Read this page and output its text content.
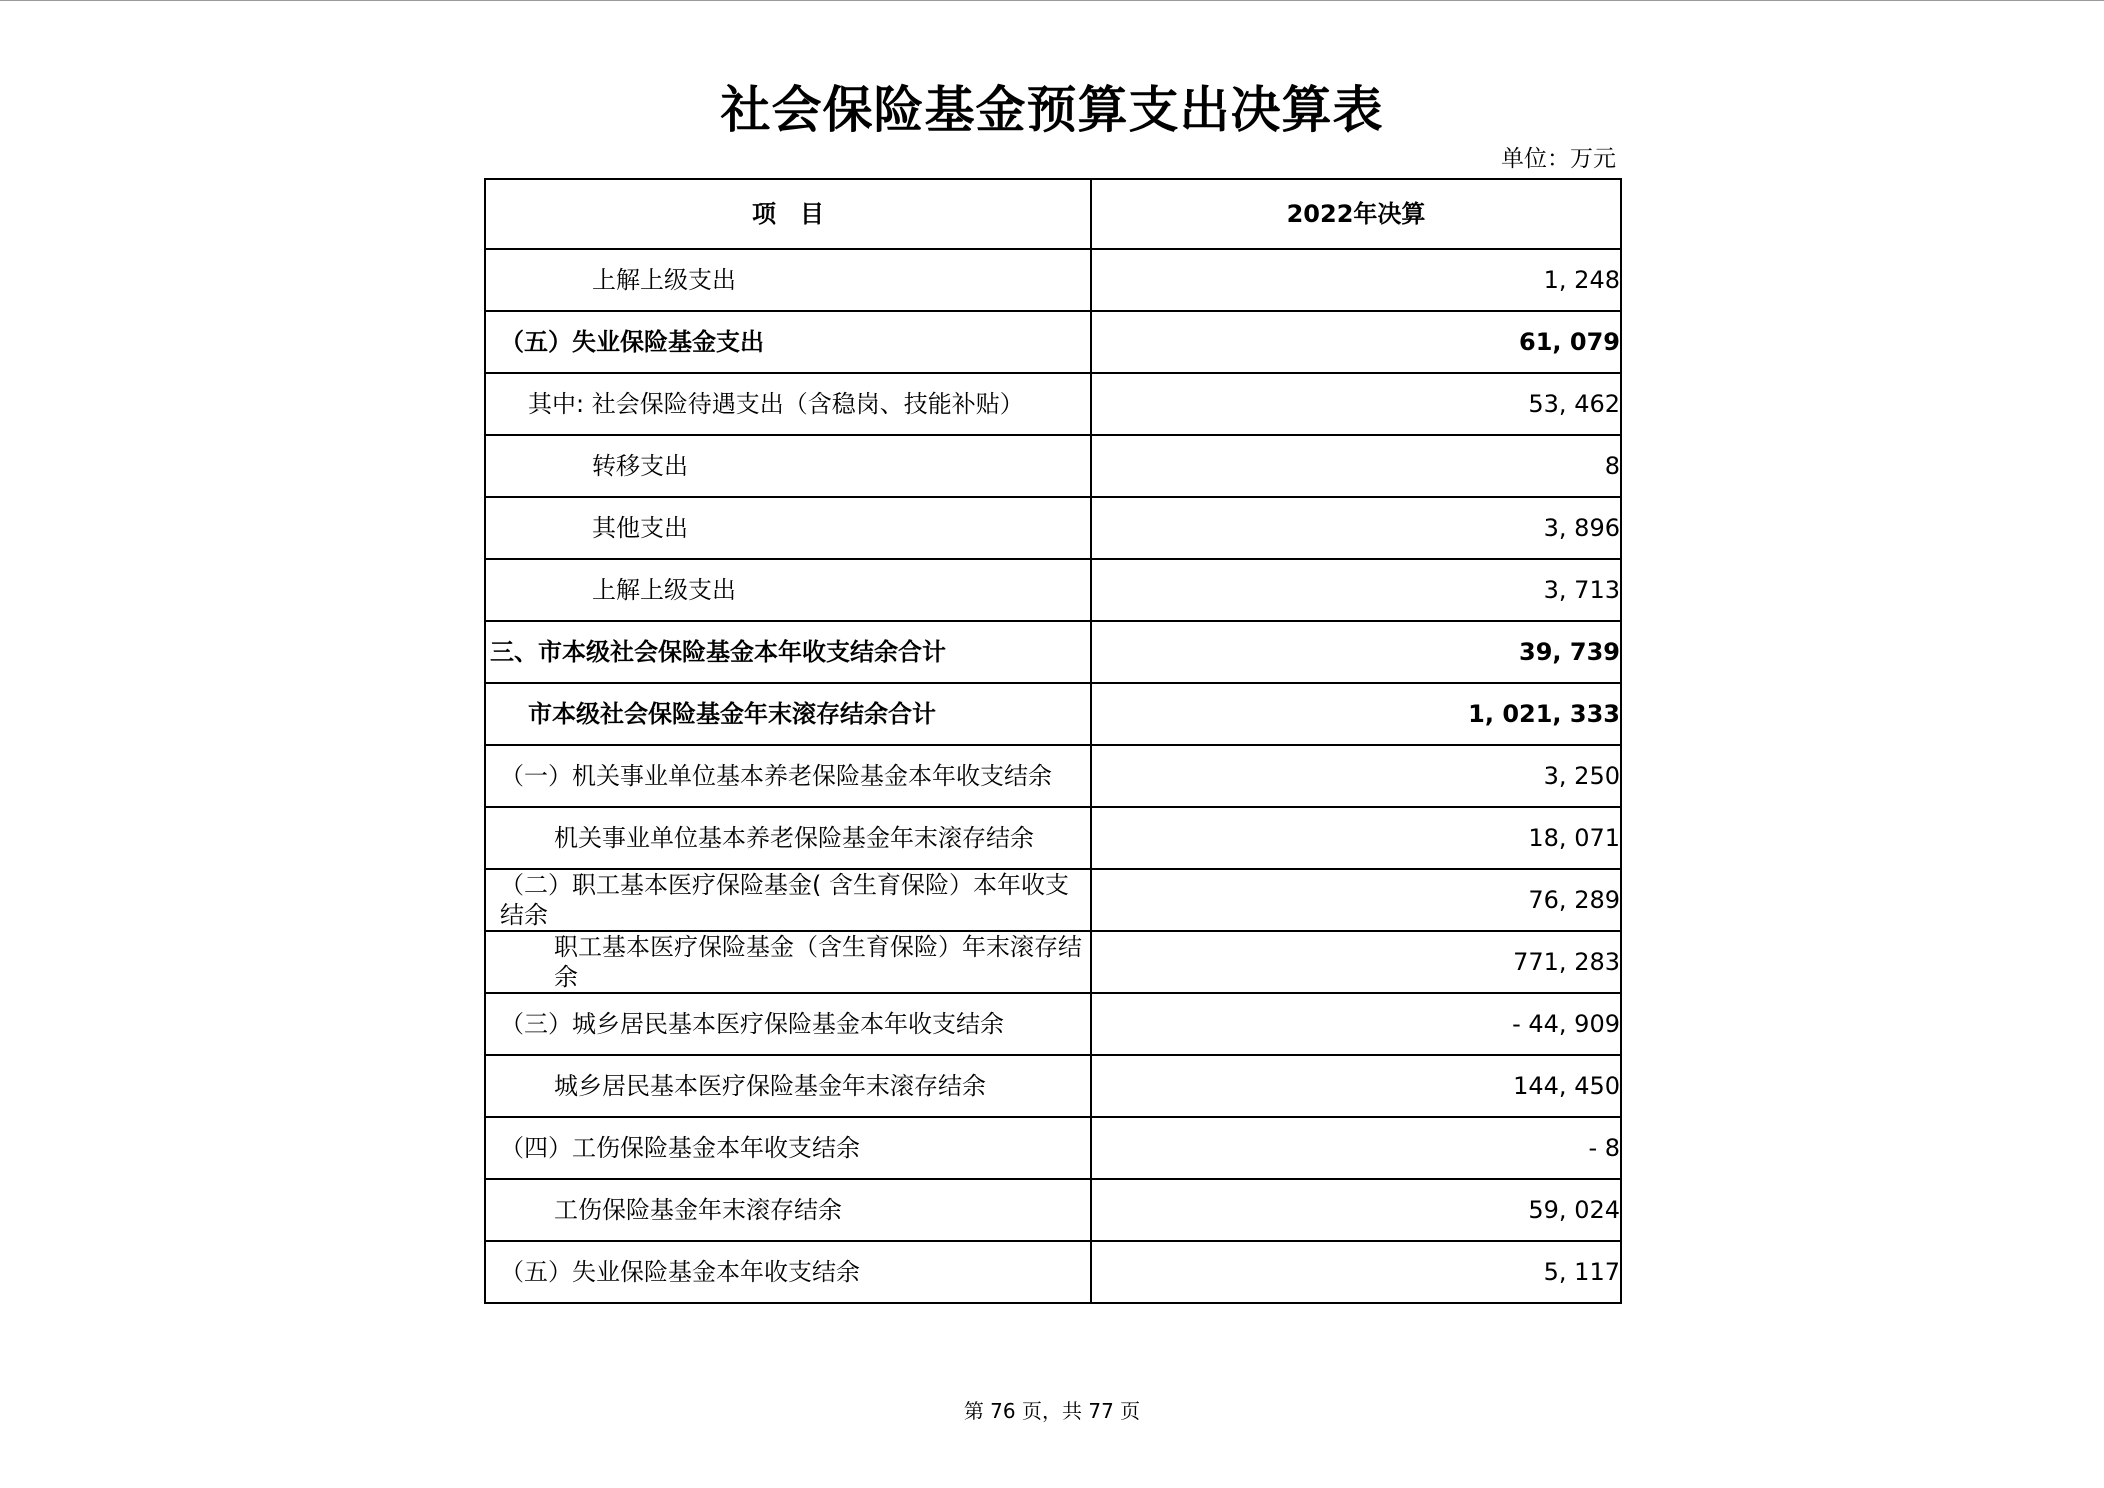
社会保险基金预算支出决算表
单位：万元
项　目	2022年决算
上解上级支出	1, 248
（五）失业保险基金支出	61, 079
其中: 社会保险待遇支出（含稳岗、技能补贴）	53, 462
转移支出	8
其他支出	3, 896
上解上级支出	3, 713
三、市本级社会保险基金本年收支结余合计	39, 739
市本级社会保险基金年末滚存结余合计	1, 021, 333
（一）机关事业单位基本养老保险基金本年收支结余	3, 250
机关事业单位基本养老保险基金年末滚存结余	18, 071

（二）职工基本医疗保险基金( 含生育保险）本年收支结余	76, 289

职工基本医疗保险基金（含生育保险）年末滚存结余	771, 283
（三）城乡居民基本医疗保险基金本年收支结余	- 44, 909
城乡居民基本医疗保险基金年末滚存结余	144, 450
（四）工伤保险基金本年收支结余	- 8
工伤保险基金年末滚存结余	59, 024
（五）失业保险基金本年收支结余	5, 117
第 76 页，共 77 页
